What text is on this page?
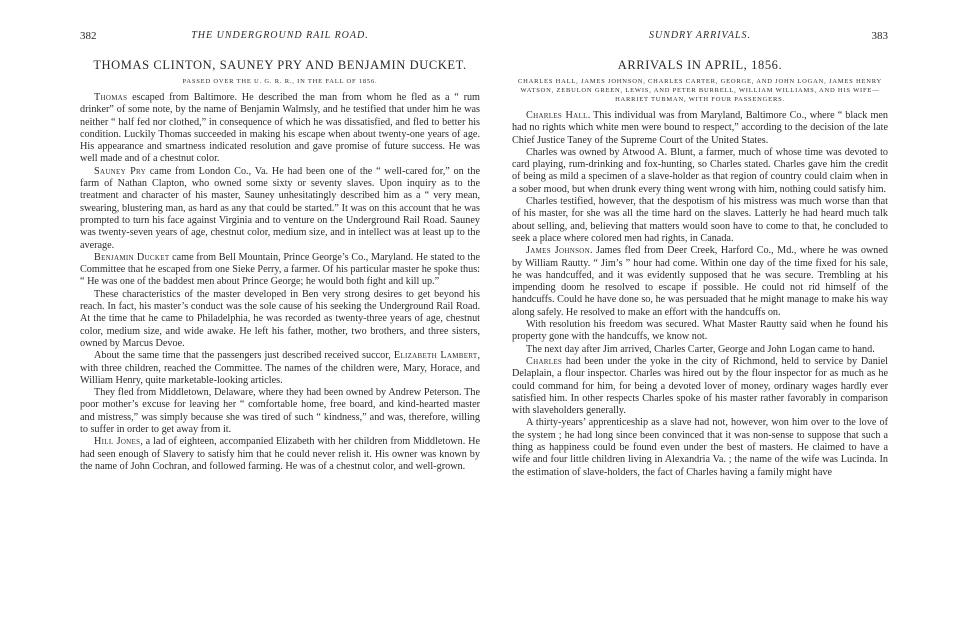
382	THE UNDERGROUND RAIL ROAD.
THOMAS CLINTON, SAUNEY PRY AND BENJAMIN DUCKET.
PASSED OVER THE U. G. R. R., IN THE FALL OF 1856.

Thomas escaped from Baltimore. He described the man from whom he fled as a “ rum drinker” of some note, by the name of Benjamin Walmsly, and he testified that under him he was neither “ half fed nor clothed,” in consequence of which he was dissatisfied, and fled to better his condition. Luckily Thomas succeeded in making his escape when about twenty-one years of age. His appearance and smartness indicated resolution and gave promise of future success. He was well made and of a chestnut color.

Sauney Pry came from London Co., Va. He had been one of the “ well-cared for,” on the farm of Nathan Clapton, who owned some sixty or seventy slaves. Upon inquiry as to the treatment and character of his master, Sauney unhesitatingly described him as a “ very mean, swearing, blustering man, as hard as any that could be started.” It was on this account that he was prompted to turn his face against Virginia and to venture on the Underground Rail Road. Sauney was twenty-seven years of age, chestnut color, medium size, and in intellect was at least up to the average.

Benjamin Ducket came from Bell Mountain, Prince George’s Co., Maryland. He stated to the Committee that he escaped from one Sieke Perry, a farmer. Of his particular master he spoke thus: “ He was one of the baddest men about Prince George; he would both fight and kill up.”

These characteristics of the master developed in Ben very strong desires to get beyond his reach. In fact, his master’s conduct was the sole cause of his seeking the Underground Rail Road. At the time that he came to Philadelphia, he was recorded as twenty-three years of age, chestnut color, medium size, and wide awake. He left his father, mother, two brothers, and three sisters, owned by Marcus Devoe.

About the same time that the passengers just described received succor, Elizabeth Lambert, with three children, reached the Committee. The names of the children were, Mary, Horace, and William Henry, quite marketable-looking articles.

They fled from Middletown, Delaware, where they had been owned by Andrew Peterson. The poor mother’s excuse for leaving her “ comfortable home, free board, and kind-hearted master and mistress,” was simply because she was tired of such “ kindness,” and was, therefore, willing to suffer in order to get away from it.

Hill Jones, a lad of eighteen, accompanied Elizabeth with her children from Middletown. He had seen enough of Slavery to satisfy him that he could never relish it. His owner was known by the name of John Cochran, and followed farming. He was of a chestnut color, and well-grown.

SUNDRY ARRIVALS.	383
ARRIVALS IN APRIL, 1856.
CHARLES HALL, JAMES JOHNSON, CHARLES CARTER, GEORGE, AND JOHN LOGAN, JAMES HENRY WATSON, ZEBULON GREEN, LEWIS, AND PETER BURRELL, WILLIAM WILLIAMS, AND HIS WIFE—HARRIET TUBMAN, WITH FOUR PASSENGERS.

Charles Hall. This individual was from Maryland, Baltimore Co., where “ black men had no rights which white men were bound to respect,” according to the decision of the late Chief Justice Taney of the Supreme Court of the United States.

Charles was owned by Atwood A. Blunt, a farmer, much of whose time was devoted to card playing, rum-drinking and fox-hunting, so Charles stated. Charles gave him the credit of being as mild a specimen of a slave-holder as that region of country could claim when in a sober mood, but when drunk every thing went wrong with him, nothing could satisfy him.

Charles testified, however, that the despotism of his mistress was much worse than that of his master, for she was all the time hard on the slaves. Latterly he had heard much talk about selling, and, believing that matters would soon have to come to that, he concluded to seek a place where colored men had rights, in Canada.

James Johnson. James fled from Deer Creek, Harford Co., Md., where he was owned by William Rautty. “ Jim’s ” hour had come. Within one day of the time fixed for his sale, he was handcuffed, and it was evidently supposed that he was secure. Trembling at his impending doom he resolved to escape if possible. He could not rid himself of the handcuffs. Could he have done so, he was persuaded that he might manage to make his way along safely. He resolved to make an effort with the handcuffs on.

With resolution his freedom was secured. What Master Rautty said when he found his property gone with the handcuffs, we know not.

The next day after Jim arrived, Charles Carter, George and John Logan came to hand.

Charles had been under the yoke in the city of Richmond, held to service by Daniel Delaplain, a flour inspector. Charles was hired out by the flour inspector for as much as he could command for him, for being a devoted lover of money, ordinary wages hardly ever satisfied him. In other respects Charles spoke of his master rather favorably in comparison with slaveholders generally.

A thirty-years’ apprenticeship as a slave had not, however, won him over to the love of the system ; he had long since been convinced that it was non-sense to suppose that such a thing as happiness could be found even under the best of masters. He claimed to have a wife and four little children living in Alexandria Va. ; the name of the wife was Lucinda. In the estimation of slave-holders, the fact of Charles having a family might have
